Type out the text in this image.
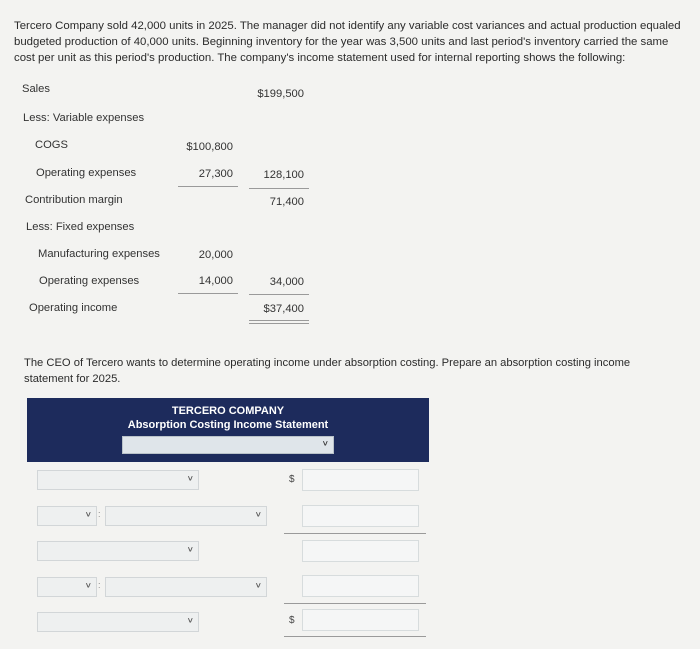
Tercero Company sold 42,000 units in 2025. The manager did not identify any variable cost variances and actual production equaled budgeted production of 40,000 units. Beginning inventory for the year was 3,500 units and last period's inventory carried the same cost per unit as this period's production. The company's income statement used for internal reporting shows the following:
Sales	$199,500
Less: Variable expenses
COGS	$100,800
Operating expenses	27,300	128,100
Contribution margin	71,400
Less: Fixed expenses
Manufacturing expenses	20,000
Operating expenses	14,000	34,000
Operating income	$37,400
The CEO of Tercero wants to determine operating income under absorption costing. Prepare an absorption costing income statement for 2025.
TERCERO COMPANY
Absorption Costing Income Statement
∨
∨	$
∨ :	∨
∨
∨ :	∨
∨	$
